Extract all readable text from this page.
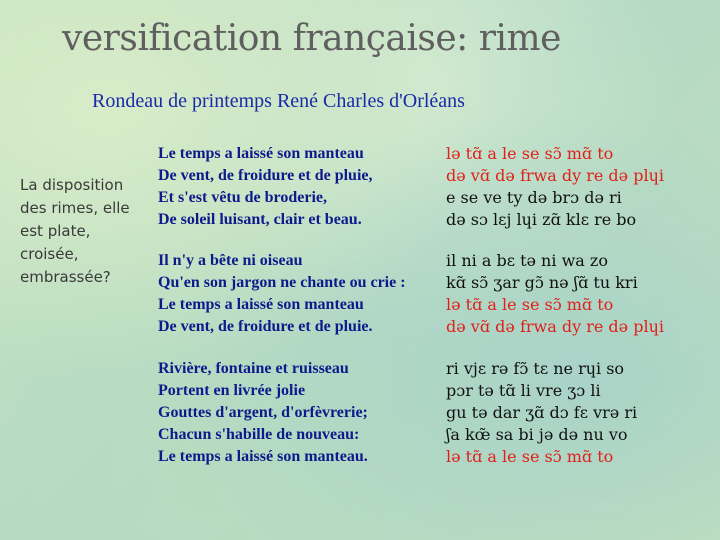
versification française: rime
Rondeau de printemps René Charles d'Orléans
La disposition
des rimes, elle
est plate,
croisée,
embrassée?
Le temps a laissé son manteau	lə tɑ̃ a le se sɔ̃ mɑ̃ to
De vent, de froidure et de pluie,	də vɑ̃ də frwa dy re də plɥi
Et s'est vêtu de broderie,	e se ve ty də brɔ də ri
De soleil luisant, clair et beau.	də sɔ lɛj lɥi zɑ̃ klɛ re bo
Il n'y a bête ni oiseau	il ni a bɛ tə ni wa zo
Qu'en son jargon ne chante ou crie :	kɑ̃ sɔ̃ ʒar gɔ̃ nə ʃɑ̃ tu kri
Le temps a laissé son manteau	lə tɑ̃ a le se sɔ̃ mɑ̃ to
De vent, de froidure et de pluie.	də vɑ̃ də frwa dy re də plɥi
Rivière, fontaine et ruisseau	ri vjɛ rə fɔ̃ tɛ ne rɥi so
Portent en livrée jolie	pɔr tə tɑ̃ li vre ʒɔ li
Gouttes d'argent, d'orfèvrerie;	gu tə dar ʒɑ̃ dɔ fɛ vrə ri
Chacun s'habille de nouveau:	ʃa kœ̃ sa bi jə də nu vo
Le temps a laissé son manteau.	lə tɑ̃ a le se sɔ̃ mɑ̃ to
